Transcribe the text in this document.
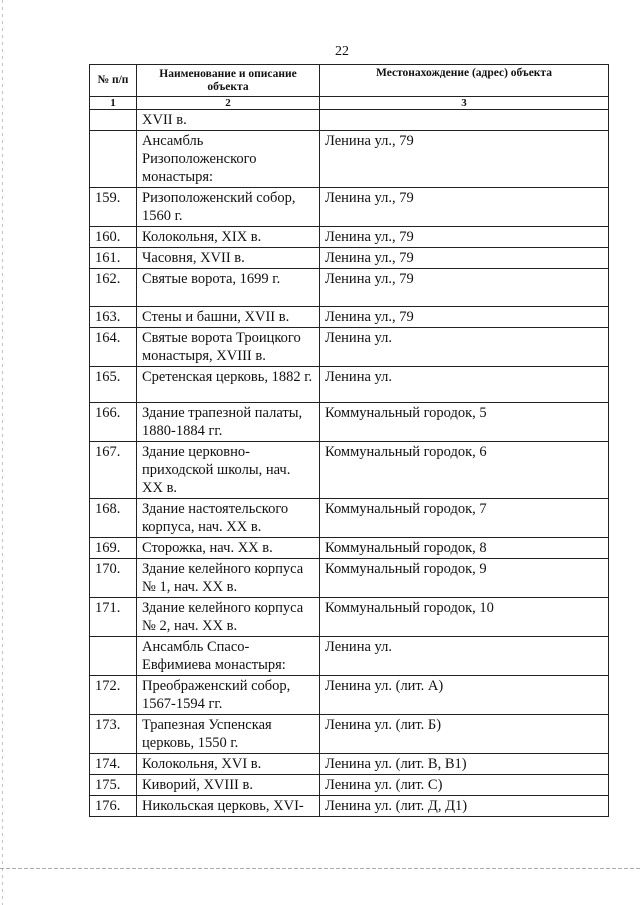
22
№ п/п	Наименование и описание объекта	Местонахождение (адрес) объекта
1	2	3
	XVII в.	
	Ансамбль Ризоположенского монастыря:	Ленина ул., 79
159.	Ризоположенский собор, 1560 г.	Ленина ул., 79
160.	Колокольня, XIX в.	Ленина ул., 79
161.	Часовня, XVII в.	Ленина ул., 79
162.	Святые ворота, 1699 г.	Ленина ул., 79
163.	Стены и башни, XVII в.	Ленина ул., 79
164.	Святые ворота Троицкого монастыря, XVIII в.	Ленина ул.
165.	Сретенская церковь, 1882 г.	Ленина ул.
166.	Здание трапезной палаты, 1880-1884 гг.	Коммунальный городок, 5
167.	Здание церковно-приходской школы, нач. XX в.	Коммунальный городок, 6
168.	Здание настоятельского корпуса, нач. XX в.	Коммунальный городок, 7
169.	Сторожка, нач. XX в.	Коммунальный городок, 8
170.	Здание келейного корпуса № 1, нач. XX в.	Коммунальный городок, 9
171.	Здание келейного корпуса № 2, нач. XX в.	Коммунальный городок, 10
	Ансамбль Спасо-Евфимиева монастыря:	Ленина ул.
172.	Преображенский собор, 1567-1594 гг.	Ленина ул. (лит. А)
173.	Трапезная Успенская церковь, 1550 г.	Ленина ул. (лит. Б)
174.	Колокольня, XVI в.	Ленина ул. (лит. В, В1)
175.	Киворий, XVIII в.	Ленина ул. (лит. С)
176.	Никольская церковь, XVI-	Ленина ул. (лит. Д, Д1)
